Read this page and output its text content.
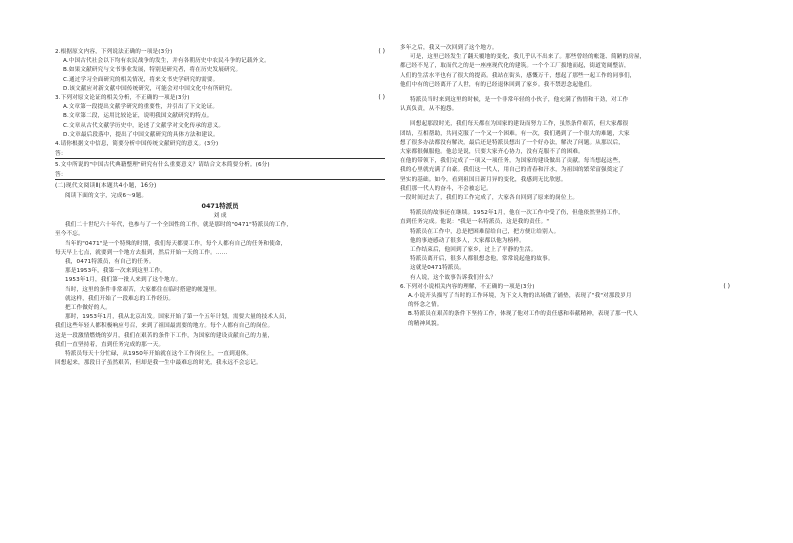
2.根据原文内容，下列说法正确的一项是(3分)	( )
A.中国古代社会以下均有农民战争的发生，并有各朝历史中农民斗争的记载外文。
B.如果文献研究与文书事业发展，特别是研究者，将在历史发展研究。
C.通过学习全面研究的相关情况，将来文书史学研究的需要。
D.该文献应对新文献中国传统研究，可能会对中国文化中有所研究。
3.下列对原文论证的相关分析，不正确的一项是(3分)	( )
A.文章第一段提出文献学研究的重要性，并引出了下文论证。
B.文章第二段，运用比较论证，说明我国文献研究的特点。
C.文章从古代文献学历史中，论述了文献学对文化传承的意义。
D.文章最后段落中，提出了中国文献研究的具体方法和建议。
4.请你根据文中信息，简要分析中国传统文献研究的意义。(3分)
答：
5.文中所说的"中国古代典籍整理"研究有什么重要意义？请结合文本简要分析。(6分)
答：
(二)现代文阅读Ⅱ(本题共4小题，16分)
阅读下面的文字，完成6～9题。
0471特派员
刘 成
我们二十世纪六十年代，也参与了一个全国性的工作，就是那时的"0471"特派员的工作，
至今不忘。
当年的"0471"是一个特殊的时期，我们每天都要工作，每个人都有自己的任务和使命，
每天早上七点，就要到一个地方去报到，然后开始一天的工作。……
我，0471特派员，有自己的任务。
那是1953年，我第一次来到这里工作。
1953年1月，我们第一批人来到了这个地方。
当时，这里的条件非常艰苦，大家都住在临时搭建的帐篷里。
就这样，我们开始了一段难忘的工作经历。
把工作做好的人。
那时，1953年1月，我从北京出发。国家开始了第一个五年计划，需要大量的技术人员，
我们这些年轻人都积极响应号召，来到了祖国最需要的地方。每个人都有自己的岗位。
这是一段激情燃烧的岁月，我们在艰苦的条件下工作，为国家的建设贡献自己的力量，
我们一直坚持着，直到任务完成的那一天。
特派员每天十分忙碌，从1950年开始就在这个工作岗位上，一直到退休。
回想起来，那段日子虽然艰苦，但却是我一生中最难忘的时光，我永远不会忘记。
多年之后，我又一次回到了这个地方。
可是，这里已经发生了翻天覆地的变化，我几乎认不出来了。那些曾经的帐篷、简陋的房屋，
都已经不见了，取而代之的是一座座现代化的建筑。一个个工厂拔地而起，街道宽阔整洁，
人们的生活水平也有了很大的提高。我站在街头，感慨万千，想起了那些一起工作的同事们，
他们中有的已经离开了人世，有的已经退休回到了家乡。我不禁思念起他们。
特派员当时来到这里的时候，是一个非常年轻的小伙子，他充满了热情和干劲，对工作
认真负责，从不抱怨。
回想起那段时光，我们每天都在为国家的建设而努力工作，虽然条件艰苦，但大家都很
团结，互相帮助，共同克服了一个又一个困难。有一次，我们遇到了一个很大的难题，大家
想了很多办法都没有解决，最后还是特派员想出了一个好办法，解决了问题。从那以后，
大家都很佩服他。他总是说，只要大家齐心协力，没有克服不了的困难。
在他的带领下，我们完成了一项又一项任务，为国家的建设做出了贡献。每当想起这些，
我的心里就充满了自豪。我们这一代人，用自己的青春和汗水，为祖国的繁荣富强奠定了
坚实的基础。如今，看到祖国日新月异的变化，我感到无比欣慰。
我们那一代人的奋斗，不会被忘记。
一段时间过去了，我们的工作完成了，大家各自回到了原来的岗位上。
特派员的故事还在继续。1952年1月，他在一次工作中受了伤，但他依然坚持工作，
直到任务完成。他说："我是一名特派员，这是我的责任。"
特派员在工作中，总是把困难留给自己，把方便让给别人。
他的事迹感动了很多人，大家都以他为榜样。
工作结束后，他回到了家乡，过上了平静的生活。
特派员离开后，很多人都很想念他，常常说起他的故事。
这就是0471特派员。
有人说，这个故事告诉我们什么？
6.下列对小说相关内容的理解，不正确的一项是(3分)	( )
A.小说开头描写了当时的工作环境，为下文人物的出场做了铺垫，表现了"我"对那段岁月
的怀念之情。
B.特派员在艰苦的条件下坚持工作，体现了他对工作的责任感和奉献精神，表现了那一代人
的精神风貌。
